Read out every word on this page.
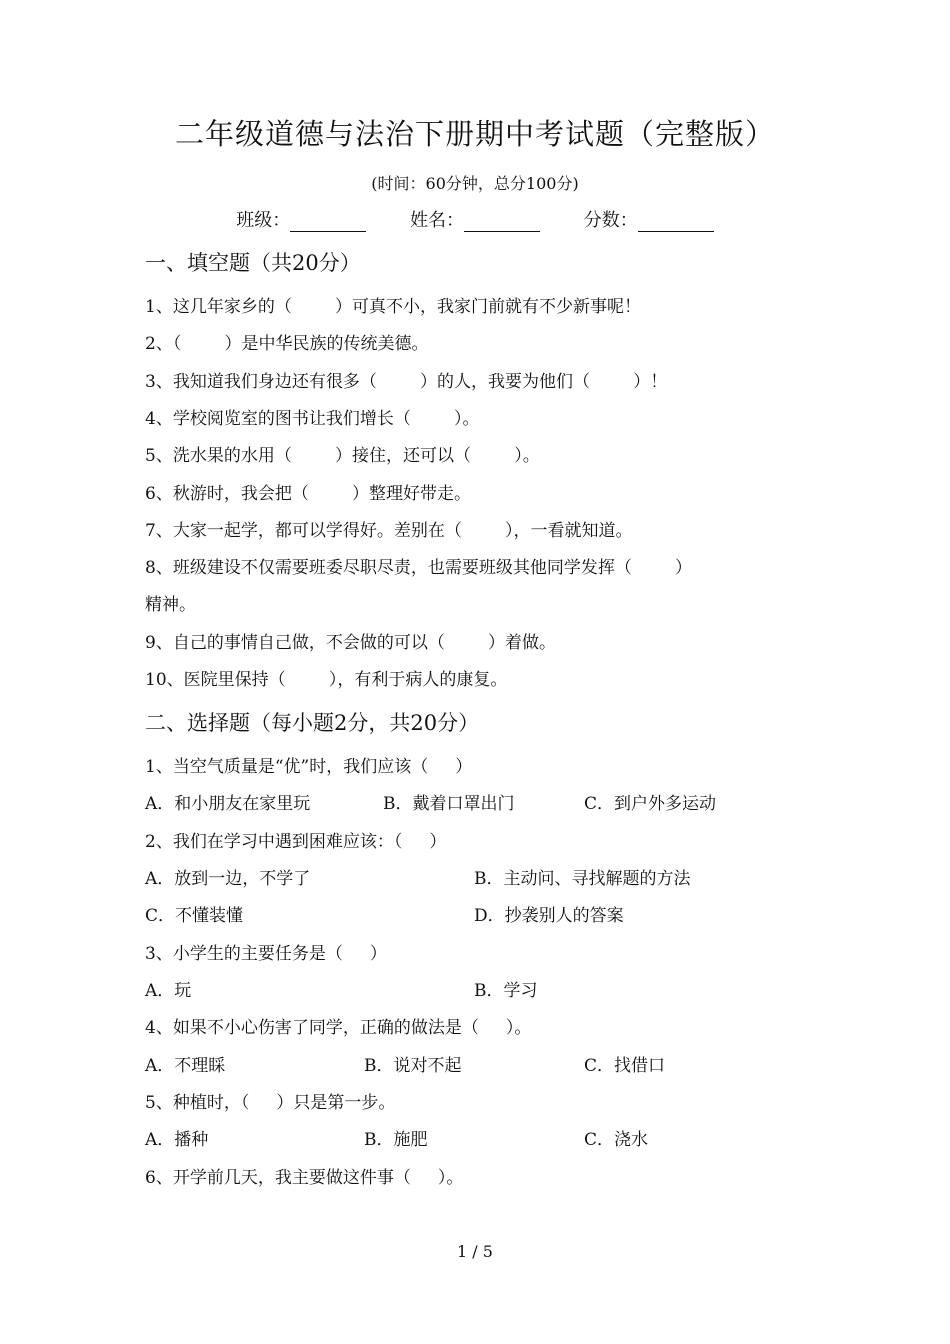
二年级道德与法治下册期中考试题（完整版）
(时间：60分钟，总分100分)
班级：	姓名：	分数：
一、填空题（共20分）
1、这几年家乡的（        ）可真不小，我家门前就有不少新事呢！
2、（        ）是中华民族的传统美德。
3、我知道我们身边还有很多（        ）的人，我要为他们（        ）！
4、学校阅览室的图书让我们增长（        ）。
5、洗水果的水用（        ）接住，还可以（        ）。
6、秋游时，我会把（        ）整理好带走。
7、大家一起学，都可以学得好。差别在（        ），一看就知道。
8、班级建设不仅需要班委尽职尽责，也需要班级其他同学发挥（        ）
精神。
9、自己的事情自己做，不会做的可以（        ）着做。
10、医院里保持（        ），有利于病人的康复。
二、选择题（每小题2分，共20分）
1、当空气质量是“优”时，我们应该（     ）
A．和小朋友在家里玩	B．戴着口罩出门	C．到户外多运动
2、我们在学习中遇到困难应该：（     ）
A．放到一边，不学了	B．主动问、寻找解题的方法
C．不懂装懂	D．抄袭别人的答案
3、小学生的主要任务是（     ）
A．玩	B．学习
4、如果不小心伤害了同学，正确的做法是（     ）。
A．不理睬	B．说对不起	C．找借口
5、种植时，（     ）只是第一步。
A．播种	B．施肥	C．浇水
6、开学前几天，我主要做这件事（     ）。
1 / 5
